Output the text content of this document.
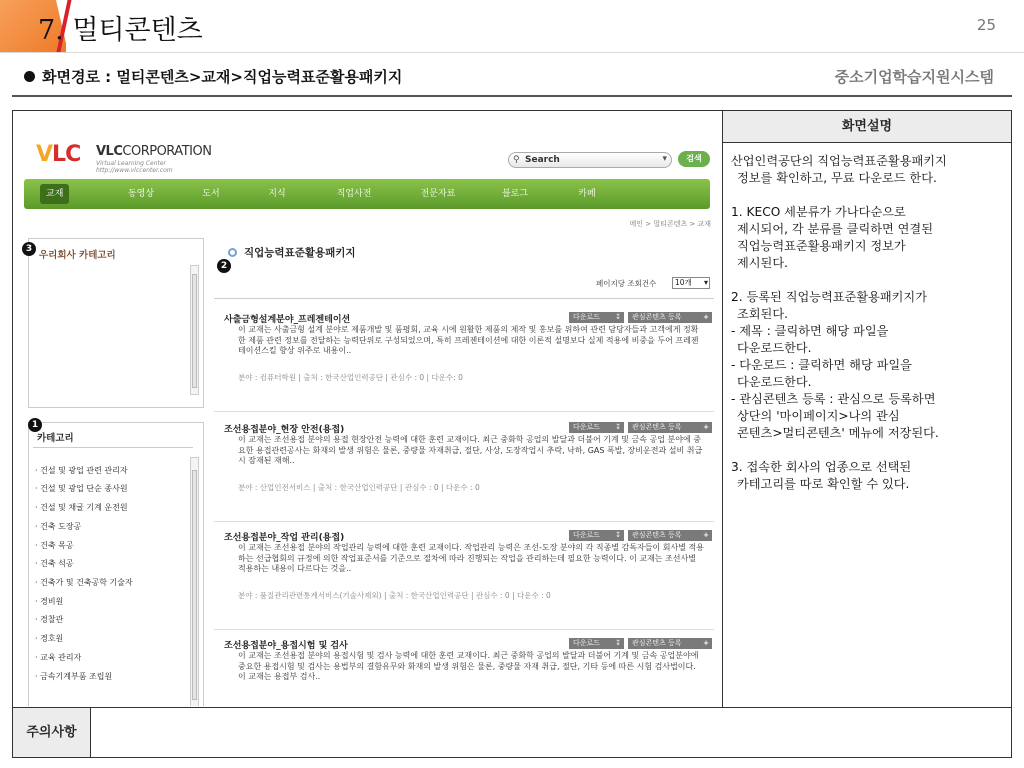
7. 멀티콘텐츠	25
화면경로 : 멀티콘텐츠>교재>직업능력표준활용패키지	중소기업학습지원시스템
VLC VLCCORPORATION
Virtual Learning Center
http://www.vlccenter.com
⚲ Search	▾	검색
교재	동영상	도서	지식	직업사전	전문자료	블로그	카페
메인 > 멀티콘텐츠 > 교재
우리회사 카테고리
3
카테고리
· 건설 및 광업 관련 관리자
· 건설 및 광업 단순 종사원
· 건설 및 채굴 기계 운전원
· 건축 도장공
· 건축 목공
· 건축 석공
· 건축가 및 건축공학 기술자
· 경비원
· 경찰관
· 경호원
· 교육 관리자
· 금속기계부품 조립원
1
직업능력표준활용패키지
2
페이지당 조회건수	10개 ▾
사출금형설계분야_프레젠테이션	다운로드 ↧	관심콘텐츠 등록	+
이 교재는 사출금형 설계 분야로 제품개발 및 품평회, 교육 시에 원활한 제품의 제작 및 홍보를 위하여 관련 담당자들과 고객에게 정확한 제품 관련 정보를 전달하는 능력단위로 구성되었으며, 특히 프레젠테이션에 대한 이론적 설명보다 실제 적용에 비중을 두어 프레젠테이션스킬 향상 위주로 내용이..
분야 : 컴퓨터학원 | 출처 : 한국산업인력공단 | 관심수 : 0 | 다운수: 0
조선용접분야_현장 안전(용접)	다운로드 ↧	관심콘텐츠 등록	+
이 교재는 조선용접 분야의 용접 현장안전 능력에 대한 훈련 교재이다. 최근 중화학 공업의 발달과 더불어 기계 및 금속 공업 분야에 중요한 용접관련공사는 화재의 발생 위험은 물론, 중량물 자재취급, 절단, 사상, 도장작업시 추락, 낙하, GAS 폭발, 장비운전과 설비 취급시 잠재된 재해..
분야 : 산업인전서비스 | 출처 : 한국산업인력공단 | 관심수 : 0 | 다운수 : 0
조선용접분야_작업 관리(용접)	다운로드 ↧	관심콘텐츠 등록	+
이 교재는 조선용접 분야의 작업관리 능력에 대한 훈련 교재이다. 작업관리 능력은 조선-도장 분야의 각 직종별 감독자들이 회사별 적용하는 선급협회의 규정에 의한 작업표준서를 기준으로 절차에 따라 진행되는 작업을 관리하는데 필요한 능력이다. 이 교재는 조선사별 적용하는 내용이 다르다는 것을..
분야 : 품질관리관련통계서비스(기술사제외) | 출처 : 한국산업인력공단 | 관심수 : 0 | 다운수 : 0
조선용접분야_용접시험 및 검사	다운로드 ↧	관심콘텐츠 등록	+
이 교재는 조선용접 분야의 용접시험 및 검사 능력에 대한 훈련 교재이다. 최근 중화학 공업의 발달과 더불어 기계 및 금속 공업분야에 중요한 용접시험 및 검사는 용법부의 결함유무와 화재의 발생 위험은 물론, 중량물 자재 취급, 절단, 기타 등에 따른 시험 검사법이다. 이 교재는 용접부 검사..
화면설명

산업인력공단의 직업능력표준활용패키지
정보를 확인하고, 무료 다운로드 한다.

1. KECO 세분류가 가나다순으로
제시되어, 각 분류를 클릭하면 연결된
직업능력표준활용패키지 정보가
제시된다.

2. 등록된 직업능력표준활용패키지가
조회된다.
- 제목 : 클릭하면 해당 파일을
다운로드한다.
- 다운로드 : 클릭하면 해당 파일을
다운로드한다.
- 관심콘텐츠 등록 : 관심으로 등록하면
상단의 '마이페이지>나의 관심
콘텐츠>멀티콘텐츠' 메뉴에 저장된다.

3. 접속한 회사의 업종으로 선택된
카테고리를 따로 확인할 수 있다.

주의사항
